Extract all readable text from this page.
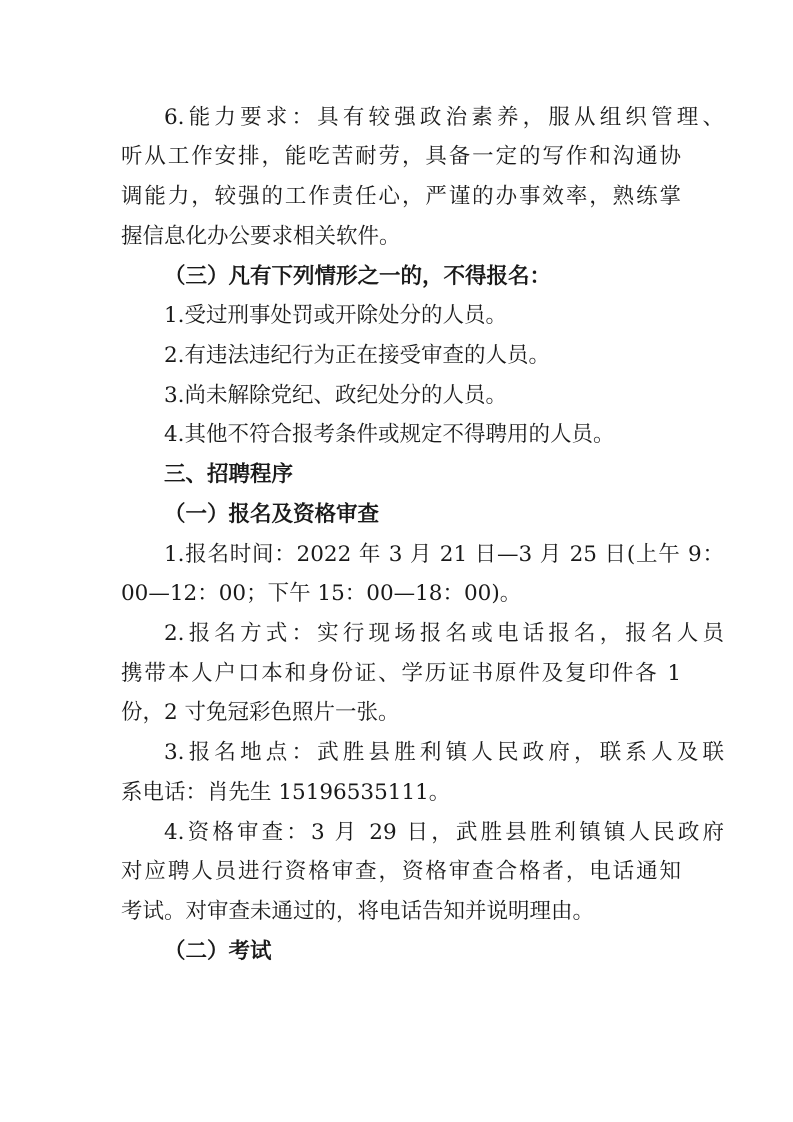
6.能力要求：具有较强政治素养，服从组织管理、
听从工作安排，能吃苦耐劳，具备一定的写作和沟通协
调能力，较强的工作责任心，严谨的办事效率，熟练掌
握信息化办公要求相关软件。
（三）凡有下列情形之一的，不得报名：
1.受过刑事处罚或开除处分的人员。
2.有违法违纪行为正在接受审查的人员。
3.尚未解除党纪、政纪处分的人员。
4.其他不符合报考条件或规定不得聘用的人员。
三、招聘程序
（一）报名及资格审查
1.报名时间：2022 年 3 月 21 日—3 月 25 日(上午 9：
00—12：00；下午 15：00—18：00)。
2.报名方式：实行现场报名或电话报名，报名人员
携带本人户口本和身份证、学历证书原件及复印件各 1
份，2 寸免冠彩色照片一张。
3.报名地点：武胜县胜利镇人民政府，联系人及联
系电话：肖先生 15196535111。
4.资格审查：3 月 29 日，武胜县胜利镇镇人民政府
对应聘人员进行资格审查，资格审查合格者，电话通知
考试。对审查未通过的，将电话告知并说明理由。
（二）考试
